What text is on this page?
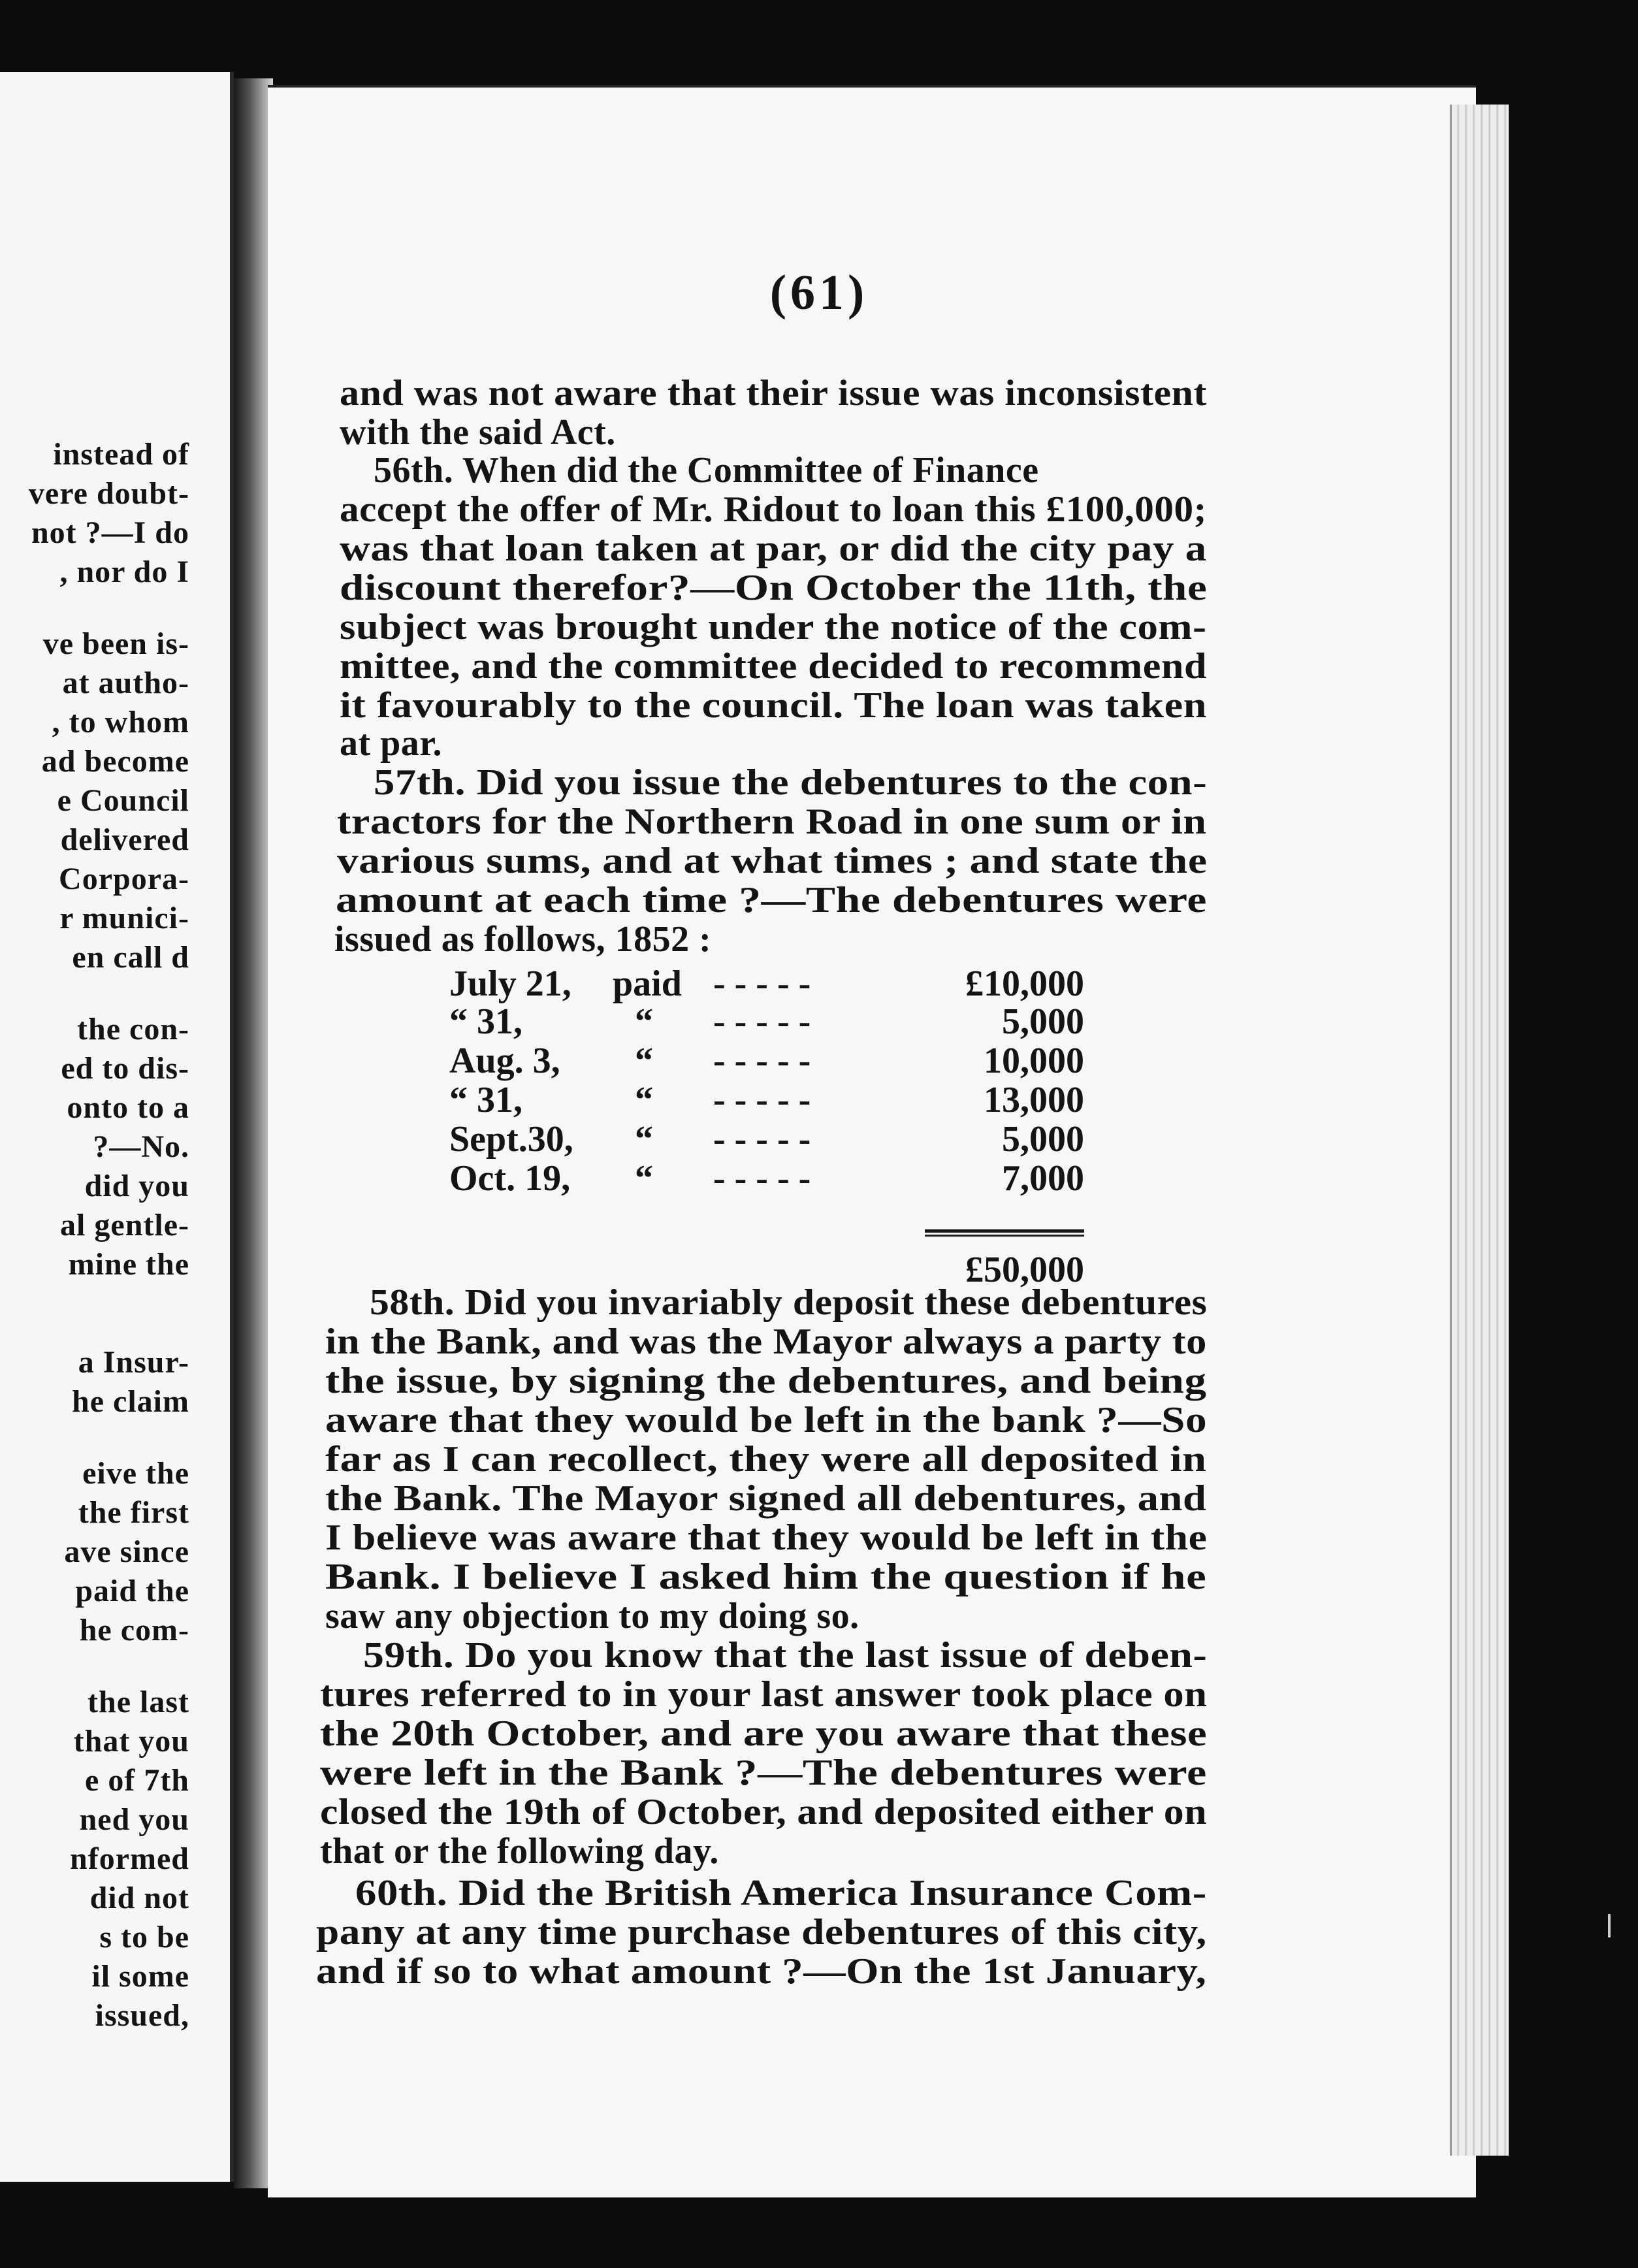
instead of
vere doubt-
not ?—I do
, nor do I
ve been is-
at autho-
, to whom
ad become
e Council
delivered
Corpora-
r munici-
en call d
the con-
ed to dis-
onto to a
?—No.
did you
al gentle-
mine the
a Insur-
he claim
eive the
the first
ave since
paid the
he com-
the last
that you
e of 7th
ned you
nformed
did not
s to be
il some
issued,
(61)
and was not aware that their issue was inconsistent
with the said Act.
56th. When did the Committee of Finance
accept the offer of Mr. Ridout to loan this £100,000;
was that loan taken at par, or did the city pay a
discount therefor?—On October the 11th, the
subject was brought under the notice of the com-
mittee, and the committee decided to recommend
it favourably to the council. The loan was taken
at par.
57th. Did you issue the debentures to the con-
tractors for the Northern Road in one sum or in
various sums, and at what times ; and state the
amount at each time ?—The debentures were
issued as follows, 1852 :
July 21, paid - - - - -	£10,000
“ 31,	“ - - - - -	5,000
Aug. 3, “ - - - - -	10,000
“ 31,	“ - - - - -	13,000
Sept.30, “ - - - - -	5,000
Oct. 19, “ - - - - -	7,000
£50,000
58th. Did you invariably deposit these debentures
in the Bank, and was the Mayor always a party to
the issue, by signing the debentures, and being
aware that they would be left in the bank ?—So
far as I can recollect, they were all deposited in
the Bank. The Mayor signed all debentures, and
I believe was aware that they would be left in the
Bank. I believe I asked him the question if he
saw any objection to my doing so.
59th. Do you know that the last issue of deben-
tures referred to in your last answer took place on
the 20th October, and are you aware that these
were left in the Bank ?—The debentures were
closed the 19th of October, and deposited either on
that or the following day.
60th. Did the British America Insurance Com-
pany at any time purchase debentures of this city,
and if so to what amount ?—On the 1st January,
